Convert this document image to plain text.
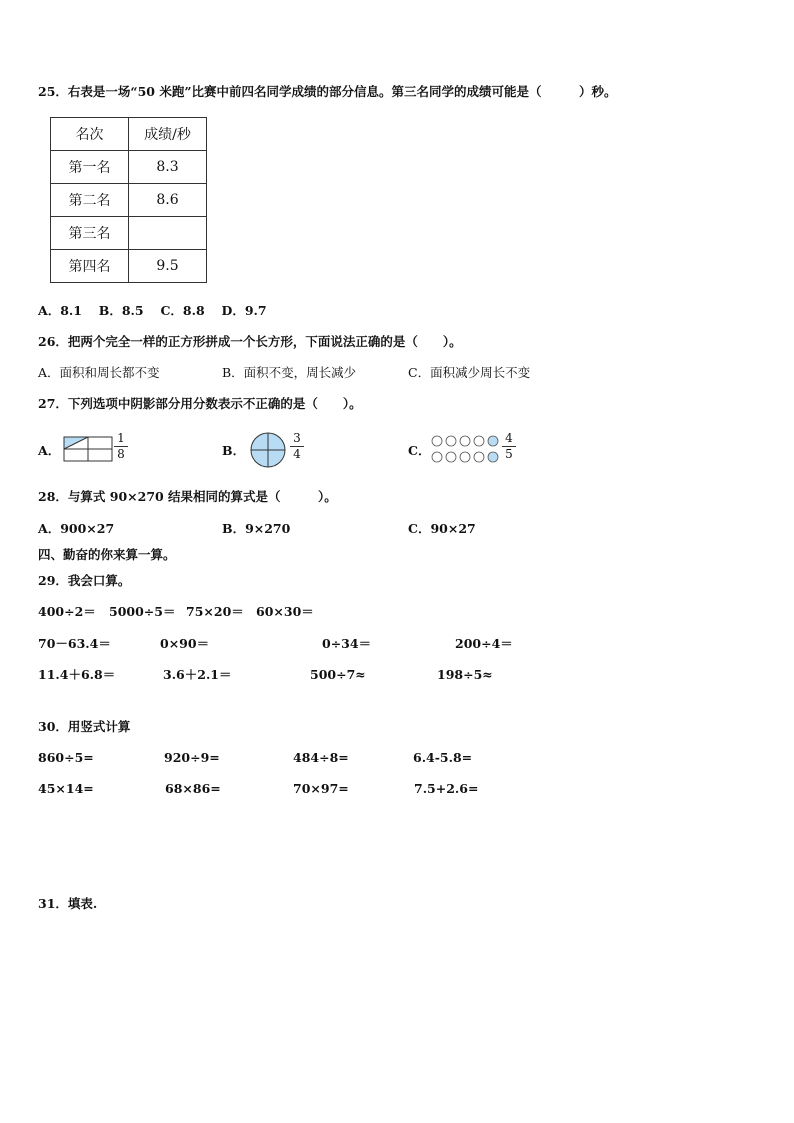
25．右表是一场“50 米跑”比赛中前四名同学成绩的部分信息。第三名同学的成绩可能是（　　　）秒。
名次	成绩/秒
第一名	8.3
第二名	8.6
第三名	
第四名	9.5
A．8.1　 B．8.5　 C．8.8　 D．9.7
26．把两个完全一样的正方形拼成一个长方形，下面说法正确的是（　　）。
A．面积和周长都不变	B．面积不变，周长减少	C．面积减少周长不变
27．下列选项中阴影部分用分数表示不正确的是（　　）。
A．
1
8	B．
3
4	C．
4
5
28．与算式 90×270 结果相同的算式是（　　　）。
A．900×27	B．9×270	C．90×27
四、勤奋的你来算一算。
29．我会口算。
400÷2＝ 5000÷5＝ 75×20＝ 60×30＝
70－63.4＝	0×90＝	0÷34＝	200÷4＝
11.4＋6.8＝	3.6＋2.1＝	500÷7≈	198÷5≈
30．用竖式计算
860÷5=	920÷9=	484÷8=	6.4-5.8=
45×14=	68×86=	70×97=	7.5+2.6=
31．填表.
